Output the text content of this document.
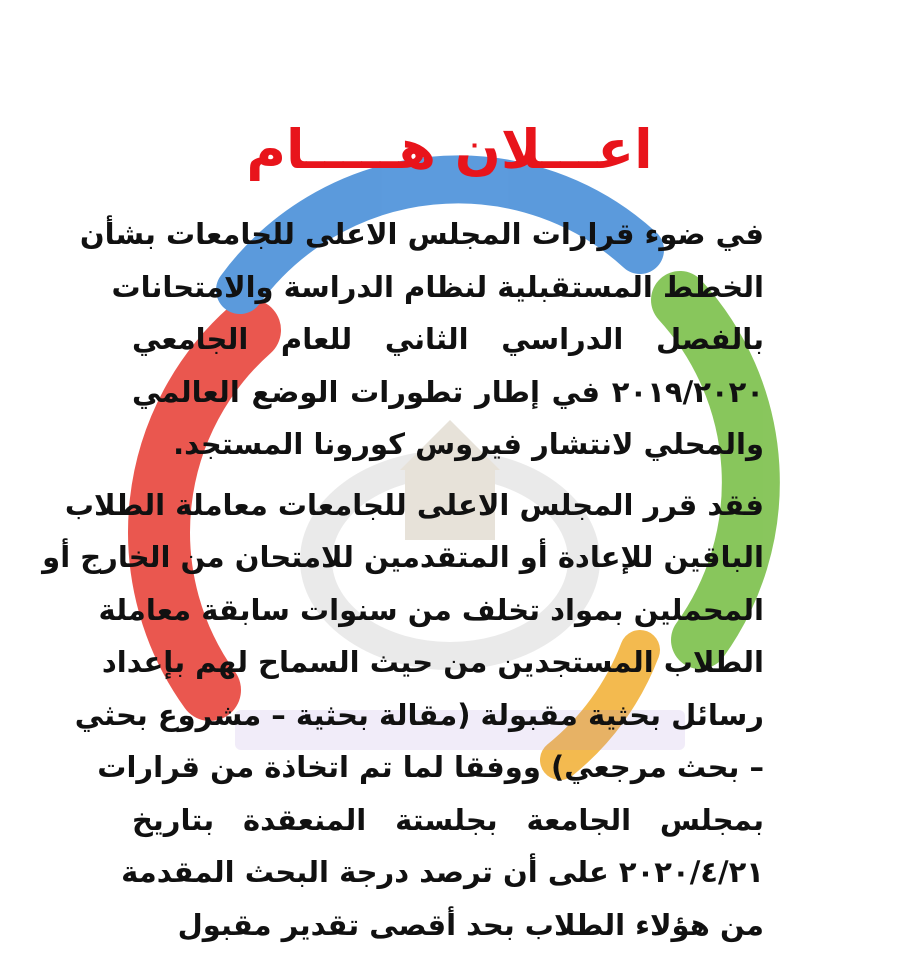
اعـــلان هـــــام
في ضوء قرارات المجلس الاعلى للجامعات بشأن
الخطط المستقبلية لنظام الدراسة والامتحانات
بالفصل الدراسي الثاني للعام الجامعي
٢٠١٩/٢٠٢٠ في إطار تطورات الوضع العالمي
والمحلي لانتشار فيروس كورونا المستجد.
فقد قرر المجلس الاعلى للجامعات معاملة الطلاب
الباقين للإعادة أو المتقدمين للامتحان من الخارج أو
المحملين بمواد تخلف من سنوات سابقة معاملة
الطلاب المستجدين من حيث السماح لهم بإعداد
رسائل بحثية مقبولة (مقالة بحثية – مشروع بحثي
– بحث مرجعي) ووفقا لما تم اتخاذة من قرارات
بمجلس الجامعة بجلستة المنعقدة بتاريخ
٢٠٢٠/٤/٢١ على أن ترصد درجة البحث المقدمة
من هؤلاء الطلاب بحد أقصى تقدير مقبول
